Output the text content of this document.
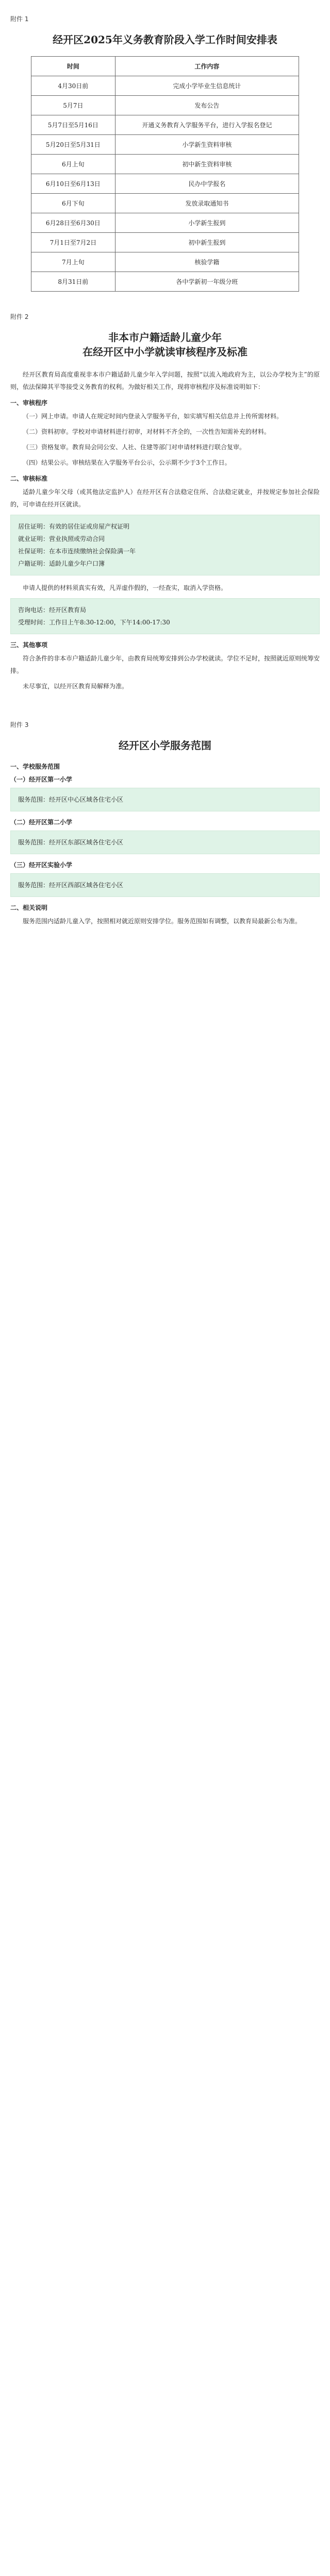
附件 1
经开区2025年义务教育阶段入学工作时间安排表
时间	工作内容
4月30日前	完成小学毕业生信息统计
5月7日	发布公告
5月7日至5月16日	开通义务教育入学服务平台，进行入学报名登记
5月20日至5月31日	小学新生资料审核
6月上旬	初中新生资料审核
6月10日至6月13日	民办中学报名
6月下旬	发放录取通知书
6月28日至6月30日	小学新生报到
7月1日至7月2日	初中新生报到
7月上旬	核验学籍
8月31日前	各中学新初一年级分班
附件 2
非本市户籍适龄儿童少年
在经开区中小学就读审核程序及标准

经开区教育局高度重视非本市户籍适龄儿童少年入学问题，按照“以流入地政府为主，以公办学校为主”的原则，依法保障其平等接受义务教育的权利。为做好相关工作，现将审核程序及标准说明如下：

一、审核程序

（一）网上申请。申请人在规定时间内登录入学服务平台，如实填写相关信息并上传所需材料。

（二）资料初审。学校对申请材料进行初审，对材料不齐全的，一次性告知需补充的材料。

（三）资格复审。教育局会同公安、人社、住建等部门对申请材料进行联合复审。

（四）结果公示。审核结果在入学服务平台公示，公示期不少于3个工作日。

二、审核标准

适龄儿童少年父母（或其他法定监护人）在经开区有合法稳定住所、合法稳定就业，并按规定参加社会保险的，可申请在经开区就读。

居住证明：有效的居住证或房屋产权证明
就业证明：营业执照或劳动合同
社保证明：在本市连续缴纳社会保险满一年
户籍证明：适龄儿童少年户口簿

申请人提供的材料须真实有效，凡弄虚作假的，一经查实，取消入学资格。

咨询电话：经开区教育局
受理时间：工作日上午8:30-12:00，下午14:00-17:30
三、其他事项

符合条件的非本市户籍适龄儿童少年，由教育局统筹安排到公办学校就读。学位不足时，按照就近原则统筹安排。

未尽事宜，以经开区教育局解释为准。

附件 3
经开区小学服务范围
一、学校服务范围
（一）经开区第一小学
服务范围：经开区中心区域各住宅小区
（二）经开区第二小学
服务范围：经开区东部区域各住宅小区
（三）经开区实验小学
服务范围：经开区西部区域各住宅小区
二、相关说明

服务范围内适龄儿童入学，按照相对就近原则安排学位。服务范围如有调整，以教育局最新公布为准。
